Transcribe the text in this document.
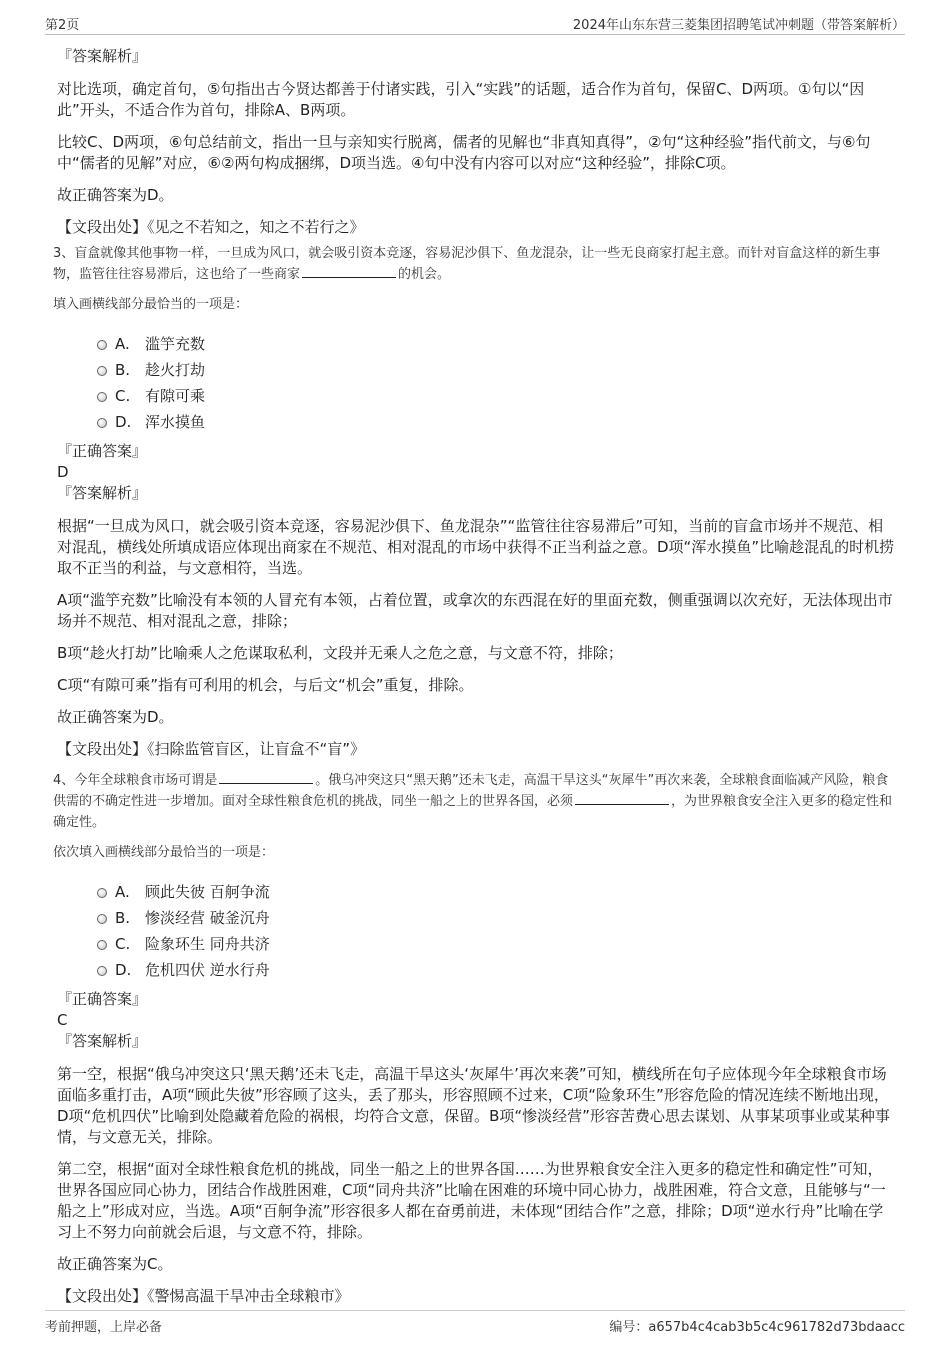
第2页	2024年山东东营三菱集团招聘笔试冲刺题（带答案解析）

『答案解析』

对比选项，确定首句，⑤句指出古今贤达都善于付诸实践，引入“实践”的话题，适合作为首句，保留C、D两项。①句以“因此”开头，不适合作为首句，排除A、B两项。

比较C、D两项，⑥句总结前文，指出一旦与亲知实行脱离，儒者的见解也“非真知真得”，②句“这种经验”指代前文，与⑥句中“儒者的见解”对应，⑥②两句构成捆绑，D项当选。④句中没有内容可以对应“这种经验”，排除C项。

故正确答案为D。

【文段出处】《见之不若知之，知之不若行之》

3、盲盒就像其他事物一样，一旦成为风口，就会吸引资本竞逐，容易泥沙俱下、鱼龙混杂，让一些无良商家打起主意。而针对盲盒这样的新生事物，监管往往容易滞后，这也给了一些商家	的机会。

填入画横线部分最恰当的一项是：

A. 滥竽充数
B. 趁火打劫
C. 有隙可乘
D. 浑水摸鱼

『正确答案』

D

『答案解析』

根据“一旦成为风口，就会吸引资本竞逐，容易泥沙俱下、鱼龙混杂”“监管往往容易滞后”可知，当前的盲盒市场并不规范、相对混乱，横线处所填成语应体现出商家在不规范、相对混乱的市场中获得不正当利益之意。D项“浑水摸鱼”比喻趁混乱的时机捞取不正当的利益，与文意相符，当选。

A项“滥竽充数”比喻没有本领的人冒充有本领，占着位置，或拿次的东西混在好的里面充数，侧重强调以次充好，无法体现出市场并不规范、相对混乱之意，排除；

B项“趁火打劫”比喻乘人之危谋取私利，文段并无乘人之危之意，与文意不符，排除；

C项“有隙可乘”指有可利用的机会，与后文“机会”重复，排除。

故正确答案为D。

【文段出处】《扫除监管盲区，让盲盒不“盲”》

4、今年全球粮食市场可谓是	。俄乌冲突这只“黑天鹅”还未飞走，高温干旱这头“灰犀牛”再次来袭，全球粮食面临减产风险，粮食供需的不确定性进一步增加。面对全球性粮食危机的挑战，同坐一船之上的世界各国，必须	，为世界粮食安全注入更多的稳定性和确定性。

依次填入画横线部分最恰当的一项是：

A. 顾此失彼 百舸争流
B. 惨淡经营 破釜沉舟
C. 险象环生 同舟共济
D. 危机四伏 逆水行舟

『正确答案』

C

『答案解析』

第一空，根据“俄乌冲突这只‘黑天鹅’还未飞走，高温干旱这头‘灰犀牛’再次来袭”可知，横线所在句子应体现今年全球粮食市场面临多重打击，A项“顾此失彼”形容顾了这头，丢了那头，形容照顾不过来，C项“险象环生”形容危险的情况连续不断地出现，D项“危机四伏”比喻到处隐藏着危险的祸根，均符合文意，保留。B项“惨淡经营”形容苦费心思去谋划、从事某项事业或某种事情，与文意无关，排除。

第二空，根据“面对全球性粮食危机的挑战，同坐一船之上的世界各国……为世界粮食安全注入更多的稳定性和确定性”可知，世界各国应同心协力，团结合作战胜困难，C项“同舟共济”比喻在困难的环境中同心协力，战胜困难，符合文意，且能够与“一船之上”形成对应，当选。A项“百舸争流”形容很多人都在奋勇前进，未体现“团结合作”之意，排除；D项“逆水行舟”比喻在学习上不努力向前就会后退，与文意不符，排除。

故正确答案为C。

【文段出处】《警惕高温干旱冲击全球粮市》

考前押题，上岸必备	编号：a657b4c4cab3b5c4c961782d73bdaacc
